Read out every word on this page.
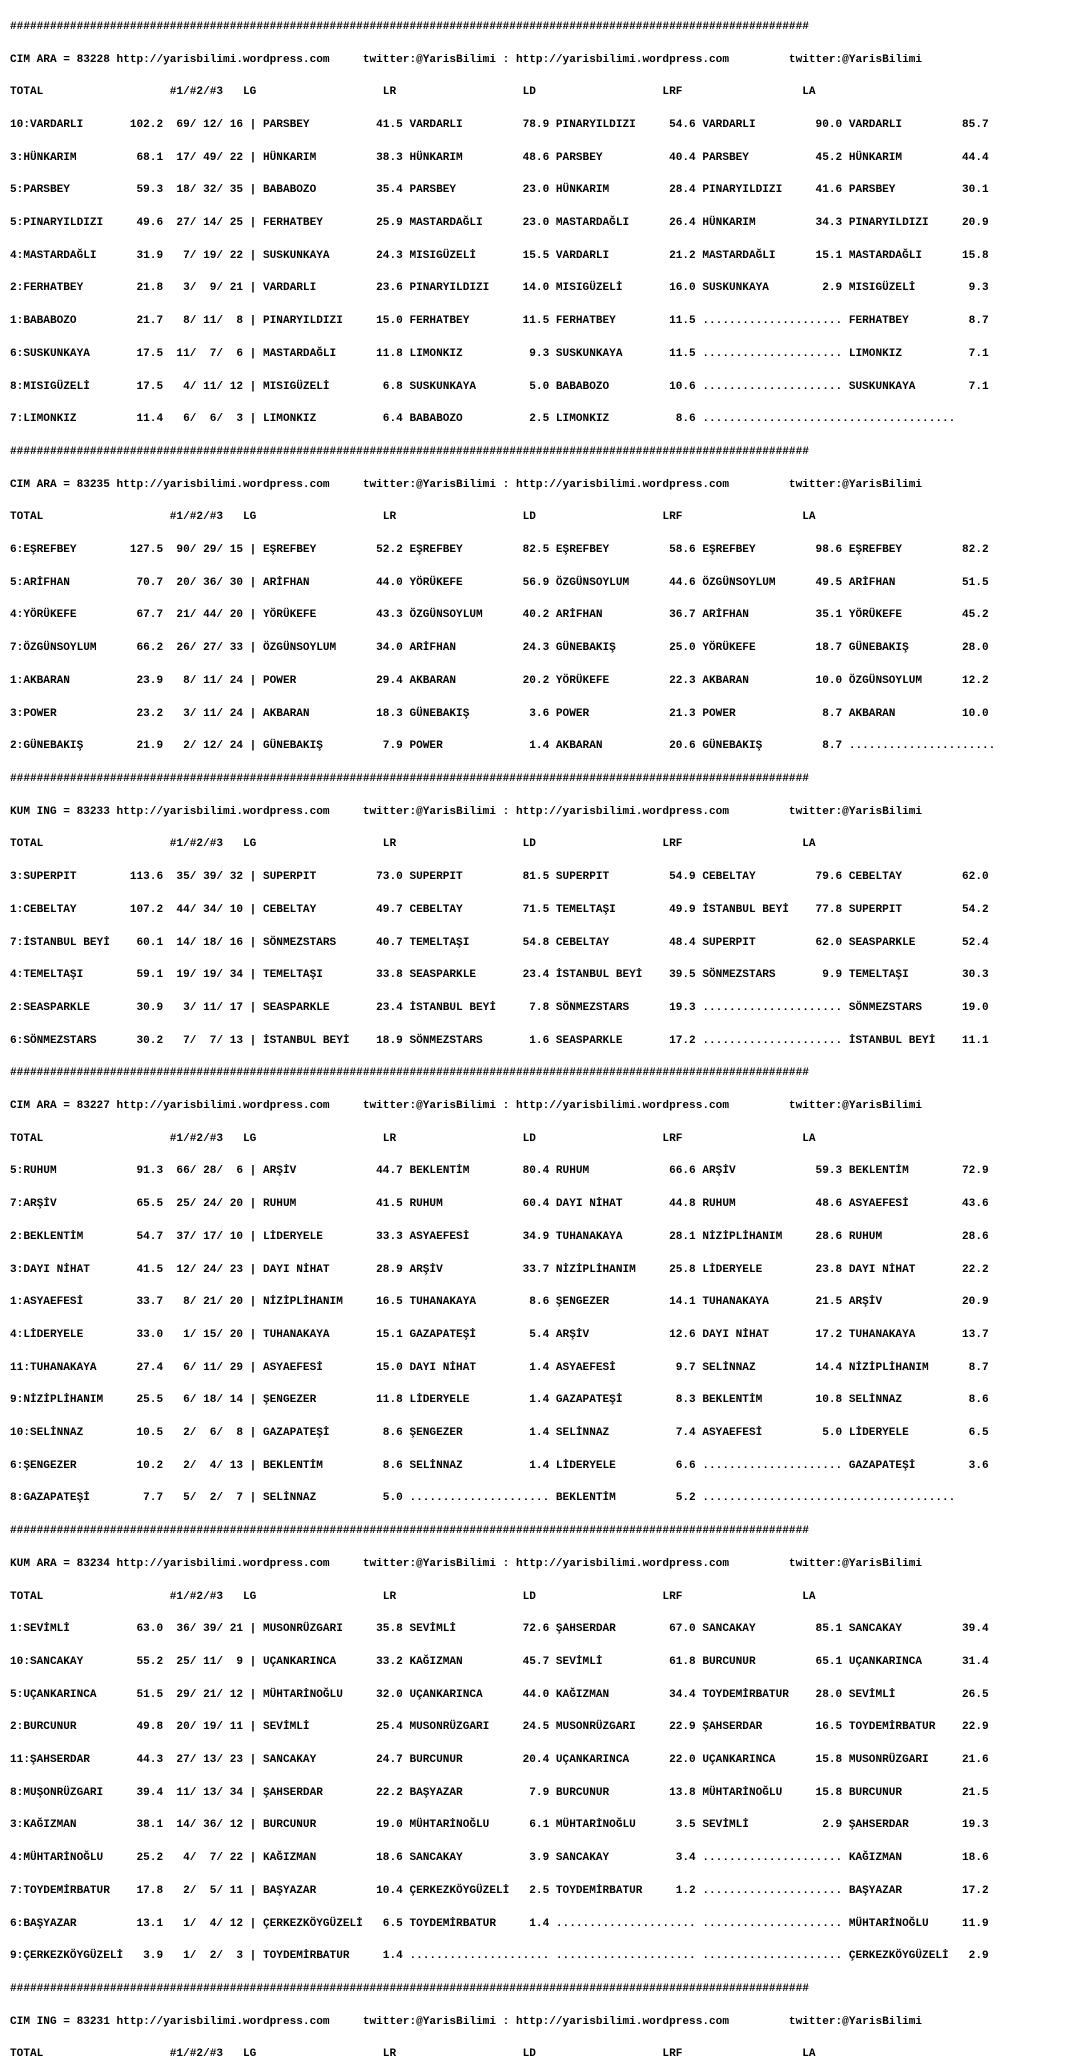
########################################################################################################################

CIM ARA = 83228 http://yarisbilimi.wordpress.com     twitter:@YarisBilimi : http://yarisbilimi.wordpress.com         twitter:@YarisBilimi

TOTAL                   #1/#2/#3   LG                   LR                   LD                   LRF                  LA

10:VARDARLI       102.2  69/ 12/ 16 | PARSBEY          41.5 VARDARLI         78.9 PINARYILDIZI     54.6 VARDARLI         90.0 VARDARLI         85.7

3:HÜNKARIM         68.1  17/ 49/ 22 | HÜNKARIM         38.3 HÜNKARIM         48.6 PARSBEY          40.4 PARSBEY          45.2 HÜNKARIM         44.4

5:PARSBEY          59.3  18/ 32/ 35 | BABABOZO         35.4 PARSBEY          23.0 HÜNKARIM         28.4 PINARYILDIZI     41.6 PARSBEY          30.1

5:PINARYILDIZI     49.6  27/ 14/ 25 | FERHATBEY        25.9 MASTARDAĞLI      23.0 MASTARDAĞLI      26.4 HÜNKARIM         34.3 PINARYILDIZI     20.9

4:MASTARDAĞLI      31.9   7/ 19/ 22 | SUSKUNKAYA       24.3 MISIGÜZELİ       15.5 VARDARLI         21.2 MASTARDAĞLI      15.1 MASTARDAĞLI      15.8

2:FERHATBEY        21.8   3/  9/ 21 | VARDARLI         23.6 PINARYILDIZI     14.0 MISIGÜZELİ       16.0 SUSKUNKAYA        2.9 MISIGÜZELİ        9.3

1:BABABOZO         21.7   8/ 11/  8 | PINARYILDIZI     15.0 FERHATBEY        11.5 FERHATBEY        11.5 ..................... FERHATBEY         8.7

6:SUSKUNKAYA       17.5  11/  7/  6 | MASTARDAĞLI      11.8 LIMONKIZ          9.3 SUSKUNKAYA       11.5 ..................... LIMONKIZ          7.1

8:MISIGÜZELİ       17.5   4/ 11/ 12 | MISIGÜZELİ        6.8 SUSKUNKAYA        5.0 BABABOZO         10.6 ..................... SUSKUNKAYA        7.1

7:LIMONKIZ         11.4   6/  6/  3 | LIMONKIZ          6.4 BABABOZO          2.5 LIMONKIZ          8.6 ......................................

########################################################################################################################

CIM ARA = 83235 http://yarisbilimi.wordpress.com     twitter:@YarisBilimi : http://yarisbilimi.wordpress.com         twitter:@YarisBilimi

TOTAL                   #1/#2/#3   LG                   LR                   LD                   LRF                  LA

6:EŞREFBEY        127.5  90/ 29/ 15 | EŞREFBEY         52.2 EŞREFBEY         82.5 EŞREFBEY         58.6 EŞREFBEY         98.6 EŞREFBEY         82.2

5:ARİFHAN          70.7  20/ 36/ 30 | ARİFHAN          44.0 YÖRÜKEFE         56.9 ÖZGÜNSOYLUM      44.6 ÖZGÜNSOYLUM      49.5 ARİFHAN          51.5

4:YÖRÜKEFE         67.7  21/ 44/ 20 | YÖRÜKEFE         43.3 ÖZGÜNSOYLUM      40.2 ARİFHAN          36.7 ARİFHAN          35.1 YÖRÜKEFE         45.2

7:ÖZGÜNSOYLUM      66.2  26/ 27/ 33 | ÖZGÜNSOYLUM      34.0 ARİFHAN          24.3 GÜNEBAKIŞ        25.0 YÖRÜKEFE         18.7 GÜNEBAKIŞ        28.0

1:AKBARAN          23.9   8/ 11/ 24 | POWER            29.4 AKBARAN          20.2 YÖRÜKEFE         22.3 AKBARAN          10.0 ÖZGÜNSOYLUM      12.2

3:POWER            23.2   3/ 11/ 24 | AKBARAN          18.3 GÜNEBAKIŞ         3.6 POWER            21.3 POWER             8.7 AKBARAN          10.0

2:GÜNEBAKIŞ        21.9   2/ 12/ 24 | GÜNEBAKIŞ         7.9 POWER             1.4 AKBARAN          20.6 GÜNEBAKIŞ         8.7 ......................

########################################################################################################################

KUM ING = 83233 http://yarisbilimi.wordpress.com     twitter:@YarisBilimi : http://yarisbilimi.wordpress.com         twitter:@YarisBilimi

TOTAL                   #1/#2/#3   LG                   LR                   LD                   LRF                  LA

3:SUPERPIT        113.6  35/ 39/ 32 | SUPERPIT         73.0 SUPERPIT         81.5 SUPERPIT         54.9 CEBELTAY         79.6 CEBELTAY         62.0

1:CEBELTAY        107.2  44/ 34/ 10 | CEBELTAY         49.7 CEBELTAY         71.5 TEMELTAŞI        49.9 İSTANBUL BEYİ    77.8 SUPERPIT         54.2

7:İSTANBUL BEYİ    60.1  14/ 18/ 16 | SÖNMEZSTARS      40.7 TEMELTAŞI        54.8 CEBELTAY         48.4 SUPERPIT         62.0 SEASPARKLE       52.4

4:TEMELTAŞI        59.1  19/ 19/ 34 | TEMELTAŞI        33.8 SEASPARKLE       23.4 İSTANBUL BEYİ    39.5 SÖNMEZSTARS       9.9 TEMELTAŞI        30.3

2:SEASPARKLE       30.9   3/ 11/ 17 | SEASPARKLE       23.4 İSTANBUL BEYİ     7.8 SÖNMEZSTARS      19.3 ..................... SÖNMEZSTARS      19.0

6:SÖNMEZSTARS      30.2   7/  7/ 13 | İSTANBUL BEYİ    18.9 SÖNMEZSTARS       1.6 SEASPARKLE       17.2 ..................... İSTANBUL BEYİ    11.1

########################################################################################################################

CIM ARA = 83227 http://yarisbilimi.wordpress.com     twitter:@YarisBilimi : http://yarisbilimi.wordpress.com         twitter:@YarisBilimi

TOTAL                   #1/#2/#3   LG                   LR                   LD                   LRF                  LA

5:RUHUM            91.3  66/ 28/  6 | ARŞİV            44.7 BEKLENTİM        80.4 RUHUM            66.6 ARŞİV            59.3 BEKLENTİM        72.9

7:ARŞİV            65.5  25/ 24/ 20 | RUHUM            41.5 RUHUM            60.4 DAYI NİHAT       44.8 RUHUM            48.6 ASYAEFESİ        43.6

2:BEKLENTİM        54.7  37/ 17/ 10 | LİDERYELE        33.3 ASYAEFESİ        34.9 TUHANAKAYA       28.1 NİZİPLİHANIM     28.6 RUHUM            28.6

3:DAYI NİHAT       41.5  12/ 24/ 23 | DAYI NİHAT       28.9 ARŞİV            33.7 NİZİPLİHANIM     25.8 LİDERYELE        23.8 DAYI NİHAT       22.2

1:ASYAEFESİ        33.7   8/ 21/ 20 | NİZİPLİHANIM     16.5 TUHANAKAYA        8.6 ŞENGEZER         14.1 TUHANAKAYA       21.5 ARŞİV            20.9

4:LİDERYELE        33.0   1/ 15/ 20 | TUHANAKAYA       15.1 GAZAPATEŞİ        5.4 ARŞİV            12.6 DAYI NİHAT       17.2 TUHANAKAYA       13.7

11:TUHANAKAYA      27.4   6/ 11/ 29 | ASYAEFESİ        15.0 DAYI NİHAT        1.4 ASYAEFESİ         9.7 SELİNNAZ         14.4 NİZİPLİHANIM      8.7

9:NİZİPLİHANIM     25.5   6/ 18/ 14 | ŞENGEZER         11.8 LİDERYELE         1.4 GAZAPATEŞİ        8.3 BEKLENTİM        10.8 SELİNNAZ          8.6

10:SELİNNAZ        10.5   2/  6/  8 | GAZAPATEŞİ        8.6 ŞENGEZER          1.4 SELİNNAZ          7.4 ASYAEFESİ         5.0 LİDERYELE         6.5

6:ŞENGEZER         10.2   2/  4/ 13 | BEKLENTİM         8.6 SELİNNAZ          1.4 LİDERYELE         6.6 ..................... GAZAPATEŞİ        3.6

8:GAZAPATEŞİ        7.7   5/  2/  7 | SELİNNAZ          5.0 ..................... BEKLENTİM         5.2 ......................................

########################################################################################################################

KUM ARA = 83234 http://yarisbilimi.wordpress.com     twitter:@YarisBilimi : http://yarisbilimi.wordpress.com         twitter:@YarisBilimi

TOTAL                   #1/#2/#3   LG                   LR                   LD                   LRF                  LA

1:SEVİMLİ          63.0  36/ 39/ 21 | MUSONRÜZGARI     35.8 SEVİMLİ          72.6 ŞAHSERDAR        67.0 SANCAKAY         85.1 SANCAKAY         39.4

10:SANCAKAY        55.2  25/ 11/  9 | UÇANKARINCA      33.2 KAĞIZMAN         45.7 SEVİMLİ          61.8 BURCUNUR         65.1 UÇANKARINCA      31.4

5:UÇANKARINCA      51.5  29/ 21/ 12 | MÜHTARİNOĞLU     32.0 UÇANKARINCA      44.0 KAĞIZMAN         34.4 TOYDEMİRBATUR    28.0 SEVİMLİ          26.5

2:BURCUNUR         49.8  20/ 19/ 11 | SEVİMLİ          25.4 MUSONRÜZGARI     24.5 MUSONRÜZGARI     22.9 ŞAHSERDAR        16.5 TOYDEMİRBATUR    22.9

11:ŞAHSERDAR       44.3  27/ 13/ 23 | SANCAKAY         24.7 BURCUNUR         20.4 UÇANKARINCA      22.0 UÇANKARINCA      15.8 MUSONRÜZGARI     21.6

8:MUŞONRÜZGARI     39.4  11/ 13/ 34 | ŞAHSERDAR        22.2 BAŞYAZAR          7.9 BURCUNUR         13.8 MÜHTARİNOĞLU     15.8 BURCUNUR         21.5

3:KAĞIZMAN         38.1  14/ 36/ 12 | BURCUNUR         19.0 MÜHTARİNOĞLU      6.1 MÜHTARİNOĞLU      3.5 SEVİMLİ           2.9 ŞAHSERDAR        19.3

4:MÜHTARİNOĞLU     25.2   4/  7/ 22 | KAĞIZMAN         18.6 SANCAKAY          3.9 SANCAKAY          3.4 ..................... KAĞIZMAN         18.6

7:TOYDEMİRBATUR    17.8   2/  5/ 11 | BAŞYAZAR         10.4 ÇERKEZKÖYGÜZELİ   2.5 TOYDEMİRBATUR     1.2 ..................... BAŞYAZAR         17.2

6:BAŞYAZAR         13.1   1/  4/ 12 | ÇERKEZKÖYGÜZELİ   6.5 TOYDEMİRBATUR     1.4 ..................... ..................... MÜHTARİNOĞLU     11.9

9:ÇERKEZKÖYGÜZELİ   3.9   1/  2/  3 | TOYDEMİRBATUR     1.4 ..................... ..................... ..................... ÇERKEZKÖYGÜZELİ   2.9

########################################################################################################################

CIM ING = 83231 http://yarisbilimi.wordpress.com     twitter:@YarisBilimi : http://yarisbilimi.wordpress.com         twitter:@YarisBilimi

TOTAL                   #1/#2/#3   LG                   LR                   LD                   LRF                  LA
